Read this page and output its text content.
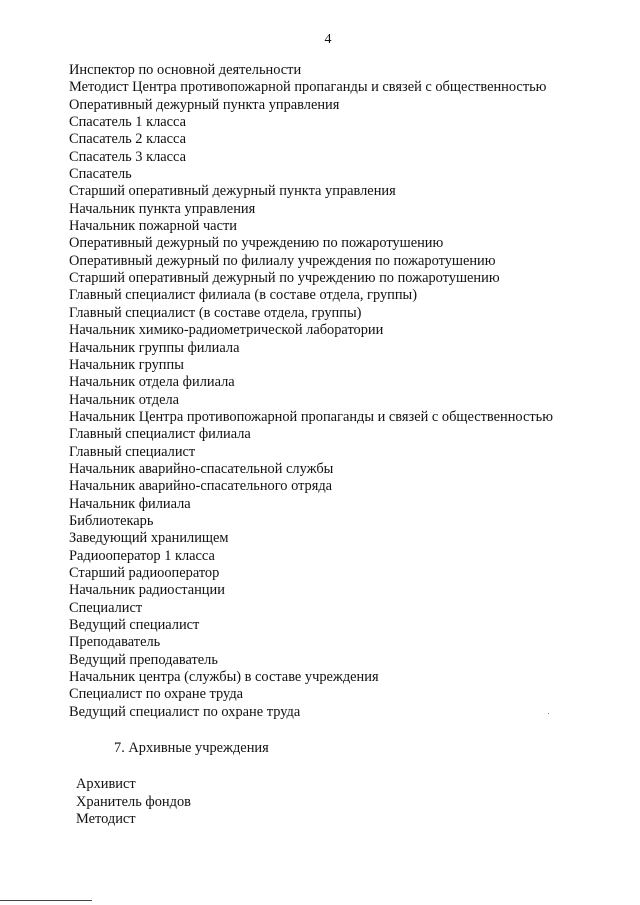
4
Инспектор по основной деятельности
Методист Центра противопожарной пропаганды и связей с общественностью
Оперативный дежурный пункта управления
Спасатель 1 класса
Спасатель 2 класса
Спасатель 3 класса
Спасатель
Старший оперативный дежурный пункта управления
Начальник пункта управления
Начальник пожарной части
Оперативный дежурный по учреждению по пожаротушению
Оперативный дежурный по филиалу учреждения по пожаротушению
Старший оперативный дежурный по учреждению по пожаротушению
Главный специалист филиала (в составе отдела, группы)
Главный специалист (в составе отдела, группы)
Начальник химико-радиометрической лаборатории
Начальник группы филиала
Начальник группы
Начальник отдела филиала
Начальник отдела
Начальник Центра противопожарной пропаганды и связей с общественностью
Главный специалист филиала
Главный специалист
Начальник аварийно-спасательной службы
Начальник аварийно-спасательного отряда
Начальник филиала
Библиотекарь
Заведующий хранилищем
Радиооператор 1 класса
Старший радиооператор
Начальник радиостанции
Специалист
Ведущий специалист
Преподаватель
Ведущий преподаватель
Начальник центра (службы) в составе учреждения
Специалист по охране труда
Ведущий специалист по охране труда
7. Архивные учреждения
Архивист
Хранитель фондов
Методист
